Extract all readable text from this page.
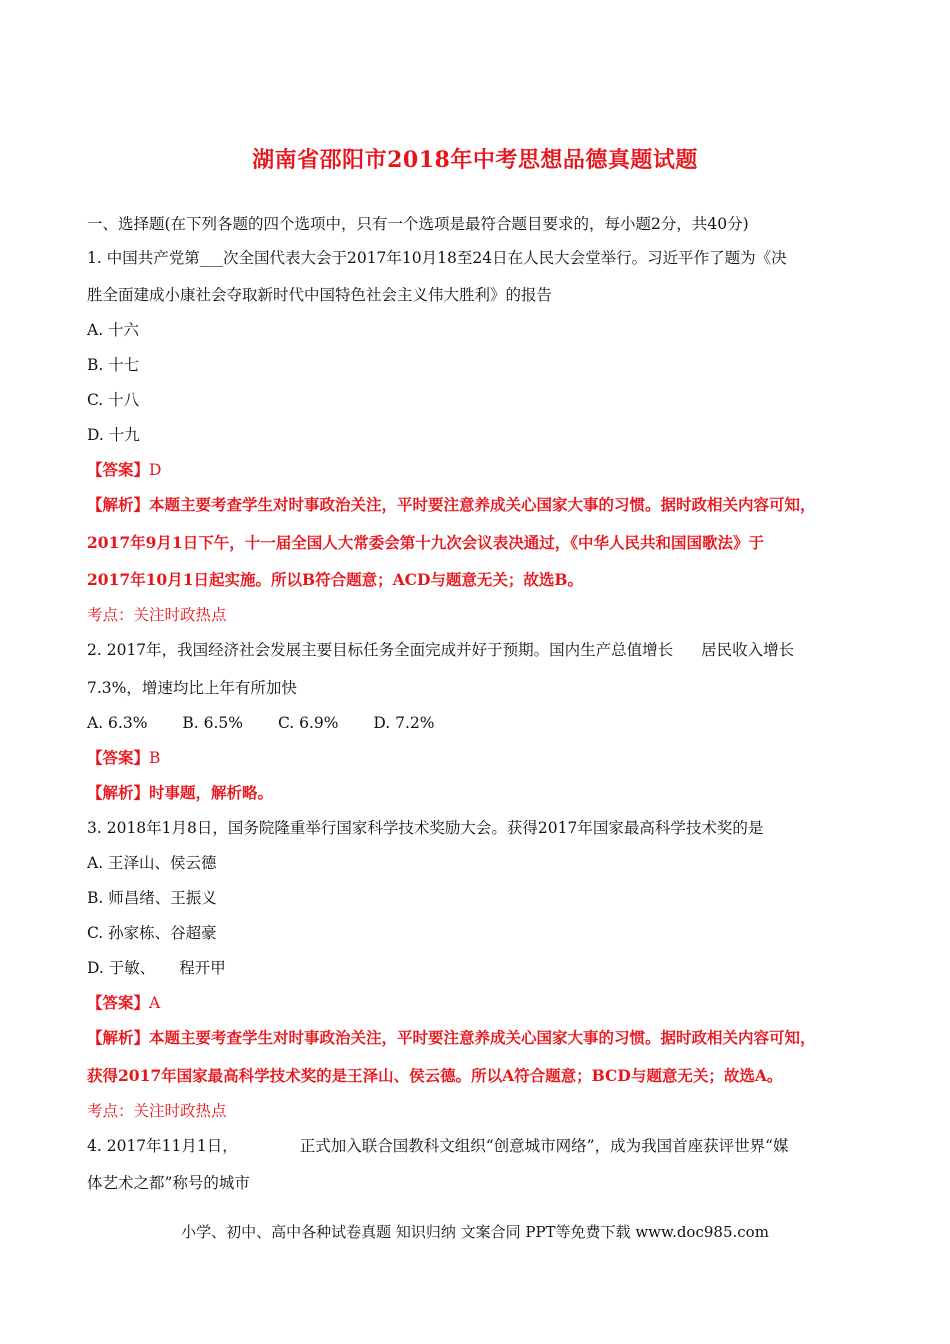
湖南省邵阳市2018年中考思想品德真题试题
一、选择题(在下列各题的四个选项中，只有一个选项是最符合题目要求的，每小题2分，共40分)
1. 中国共产党第___次全国代表大会于2017年10月18至24日在人民大会堂举行。习近平作了题为《决
胜全面建成小康社会夺取新时代中国特色社会主义伟大胜利》的报告
A. 十六
B. 十七
C. 十八
D. 十九
【答案】D
【解析】本题主要考查学生对时事政治关注，平时要注意养成关心国家大事的习惯。据时政相关内容可知，
2017年9月1日下午，十一届全国人大常委会第十九次会议表决通过，《中华人民共和国国歌法》于
2017年10月1日起实施。所以B符合题意；ACD与题意无关；故选B。
考点：关注时政热点
2. 2017年，我国经济社会发展主要目标任务全面完成并好于预期。国内生产总值增长 居民收入增长
7.3%，增速均比上年有所加快
A. 6.3% B. 6.5% C. 6.9% D. 7.2%
【答案】B
【解析】时事题，解析略。
3. 2018年1月8日，国务院隆重举行国家科学技术奖励大会。获得2017年国家最高科学技术奖的是
A. 王泽山、侯云德
B. 师昌绪、王振义
C. 孙家栋、谷超豪
D. 于敏、 程开甲
【答案】A
【解析】本题主要考查学生对时事政治关注，平时要注意养成关心国家大事的习惯。据时政相关内容可知，
获得2017年国家最高科学技术奖的是王泽山、侯云德。所以A符合题意；BCD与题意无关；故选A。
考点：关注时政热点
4. 2017年11月1日，	正式加入联合国教科文组织“创意城市网络”，成为我国首座获评世界“媒
体艺术之都”称号的城市
小学、初中、高中各种试卷真题 知识归纳 文案合同 PPT等免费下载 www.doc985.com
